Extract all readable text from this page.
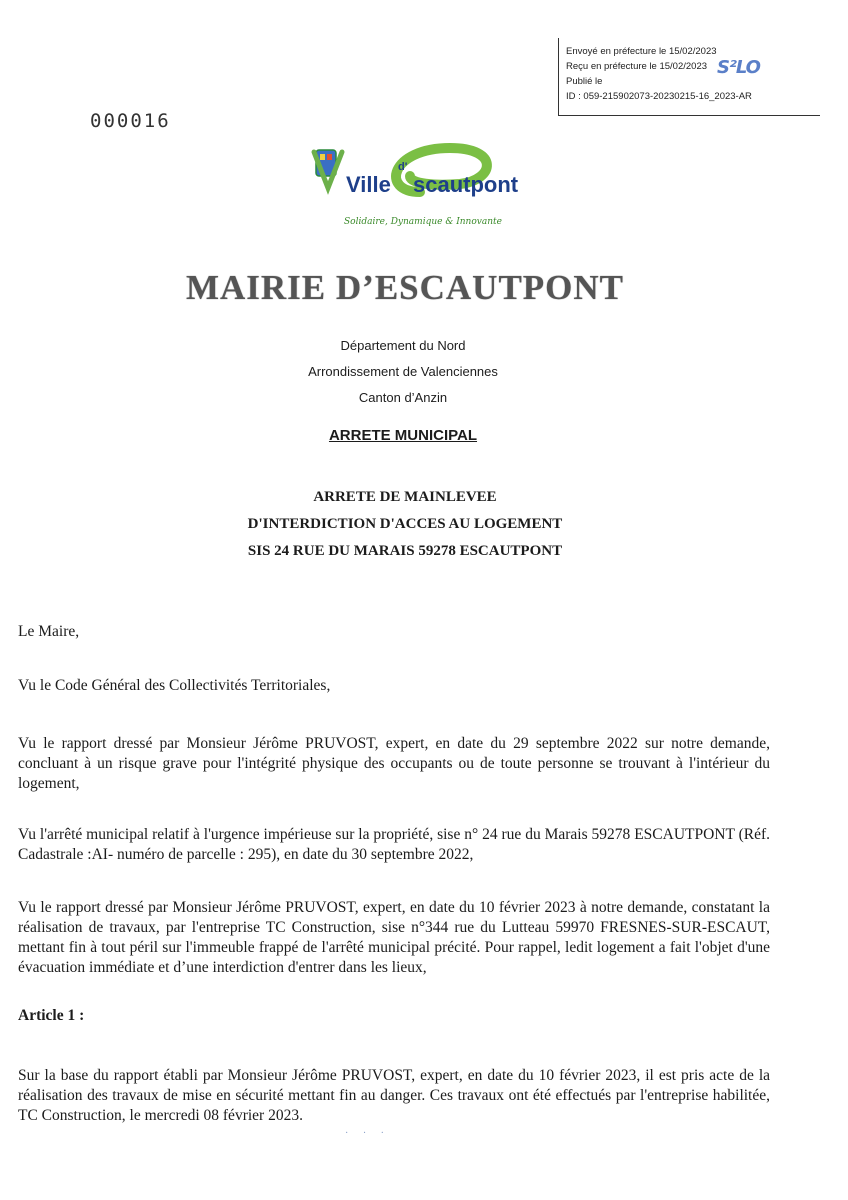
Envoyé en préfecture le 15/02/2023
Reçu en préfecture le 15/02/2023
Publié le
ID : 059-215902073-20230215-16_2023-AR
S²LO
000016
Ville
d'
scautpont
Solidaire, Dynamique & Innovante
MAIRIE D’ESCAUTPONT
Département du Nord
Arrondissement de Valenciennes
Canton d’Anzin
ARRETE MUNICIPAL
ARRETE DE MAINLEVEE
D'INTERDICTION D'ACCES AU LOGEMENT
SIS 24 RUE DU MARAIS 59278 ESCAUTPONT
Le Maire,
Vu le Code Général des Collectivités Territoriales,
Vu le rapport dressé par Monsieur Jérôme PRUVOST, expert, en date du 29 septembre 2022 sur notre demande, concluant à un risque grave pour l'intégrité physique des occupants ou de toute personne se trouvant à l'intérieur du logement,
Vu l'arrêté municipal relatif à l'urgence impérieuse sur la propriété, sise n° 24 rue du Marais 59278 ESCAUTPONT (Réf. Cadastrale :AI- numéro de parcelle : 295), en date du 30 septembre 2022,
Vu le rapport dressé par Monsieur Jérôme PRUVOST, expert, en date du 10 février 2023 à notre demande, constatant la réalisation de travaux, par l'entreprise TC Construction, sise n°344 rue du Lutteau 59970 FRESNES-SUR-ESCAUT, mettant fin à tout péril sur l'immeuble frappé de l'arrêté municipal précité. Pour rappel, ledit logement a fait l'objet d'une évacuation immédiate et d’une interdiction d'entrer dans les lieux,
Article 1 :
Sur la base du rapport établi par Monsieur Jérôme PRUVOST, expert, en date du 10 février 2023, il est pris acte de la réalisation des travaux de mise en sécurité mettant fin au danger. Ces travaux ont été effectués par l'entreprise habilitée, TC Construction, le mercredi 08 février 2023.
· · ·
